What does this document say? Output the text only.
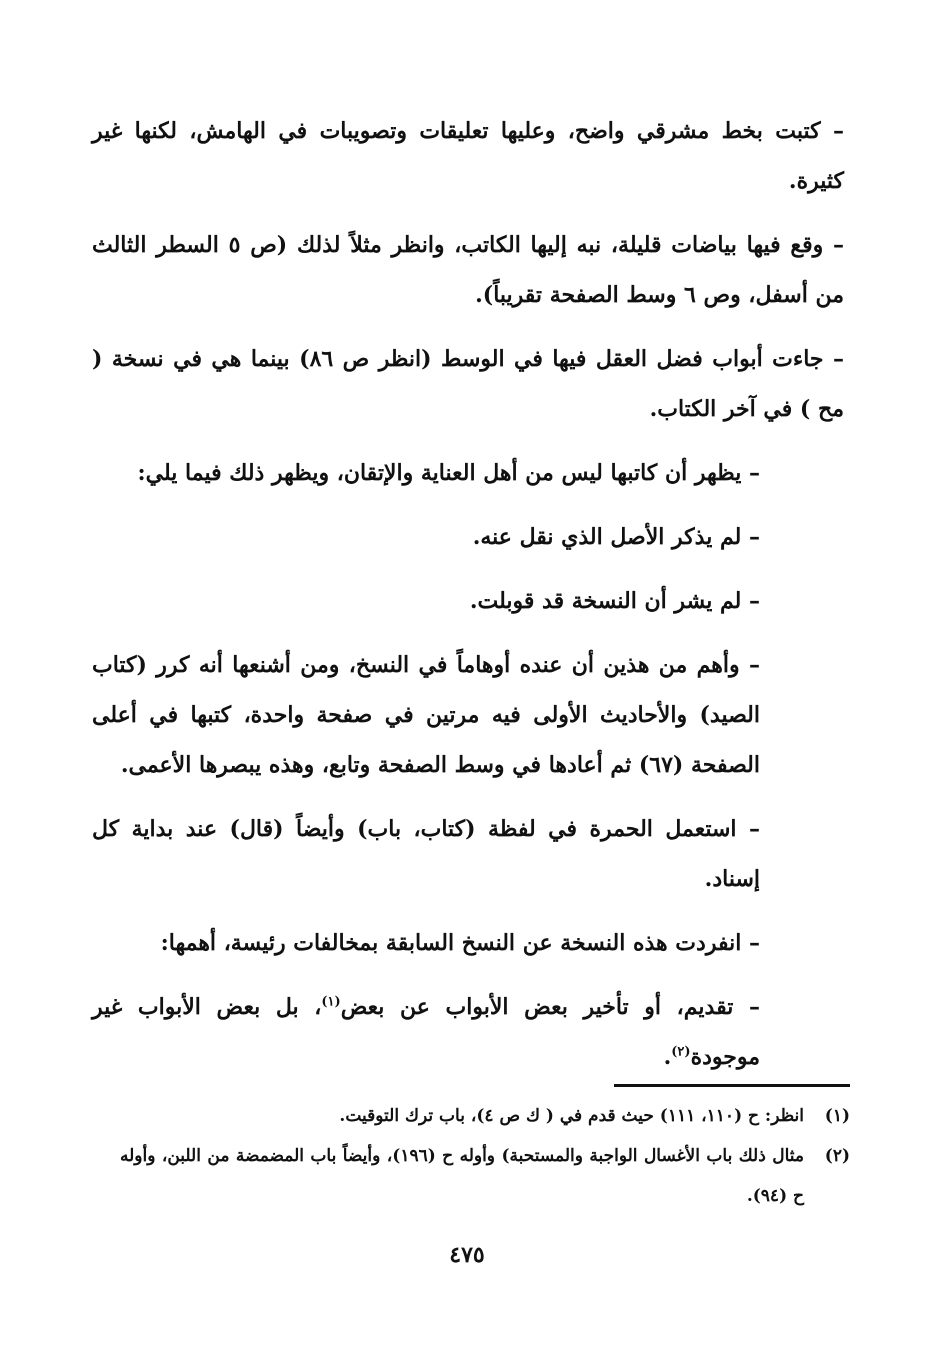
– كتبت بخط مشرقي واضح، وعليها تعليقات وتصويبات في الهامش، لكنها غير كثيرة.

– وقع فيها بياضات قليلة، نبه إليها الكاتب، وانظر مثلاً لذلك (ص ٥ السطر الثالث من أسفل، وص ٦ وسط الصفحة تقريباً).

– جاءت أبواب فضل العقل فيها في الوسط (انظر ص ٨٦) بينما هي في نسخة ( مح ) في آخر الكتاب.

– يظهر أن كاتبها ليس من أهل العناية والإتقان، ويظهر ذلك فيما يلي:

– لم يذكر الأصل الذي نقل عنه.

– لم يشر أن النسخة قد قوبلت.

– وأهم من هذين أن عنده أوهاماً في النسخ، ومن أشنعها أنه كرر (كتاب الصيد) والأحاديث الأولى فيه مرتين في صفحة واحدة، كتبها في أعلى الصفحة (٦٧) ثم أعادها في وسط الصفحة وتابع، وهذه يبصرها الأعمى.

– استعمل الحمرة في لفظة (كتاب، باب) وأيضاً (قال) عند بداية كل إسناد.

– انفردت هذه النسخة عن النسخ السابقة بمخالفات رئيسة، أهمها:

– تقديم، أو تأخير بعض الأبواب عن بعض$^{(١)}$، بل بعض الأبواب غير موجودة$^{(٢)}$.

(١)
انظر: ح (١١٠، ١١١) حيث قدم في ( ك ص ٤)، باب ترك التوقيت.

(٢)
مثال ذلك باب الأغسال الواجبة والمستحبة) وأوله ح (١٩٦)، وأيضاً باب المضمضة من اللبن، وأوله ح (٩٤).

٤٧٥
